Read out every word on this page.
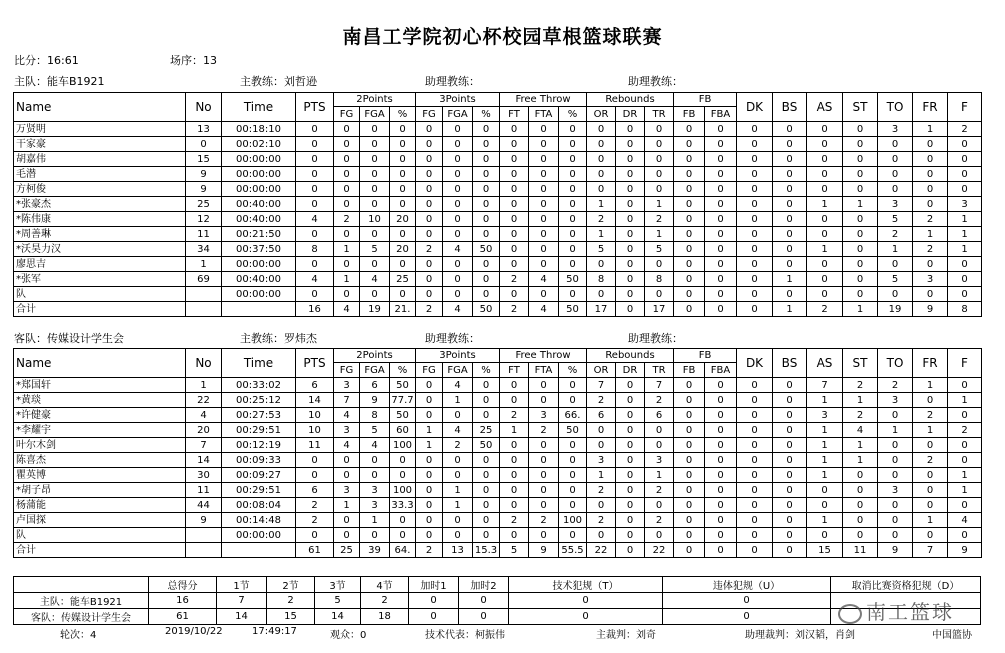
南昌工学院初心杯校园草根篮球联赛
比分：16:61	场序：13
主队：能车B1921	主教练：刘哲逊	助理教练：	助理教练：
Name	No	Time	PTS	2Points			3Points			Free Throw			Rebounds			FB		DK	BS	AS	ST	TO	FR	F
				FG	FGA	%	FG	FGA	%	FT	FTA	%	OR	DR	TR	FB	FBA							
万贤明	13	00:18:10	0	0	0	0	0	0	0	0	0	0	0	0	0	0	0	0	0	0	0	3	1	2
干家豪	0	00:02:10	0	0	0	0	0	0	0	0	0	0	0	0	0	0	0	0	0	0	0	0	0	0
胡嘉伟	15	00:00:00	0	0	0	0	0	0	0	0	0	0	0	0	0	0	0	0	0	0	0	0	0	0
毛潜	9	00:00:00	0	0	0	0	0	0	0	0	0	0	0	0	0	0	0	0	0	0	0	0	0	0
方柯俊	9	00:00:00	0	0	0	0	0	0	0	0	0	0	0	0	0	0	0	0	0	0	0	0	0	0
*张豪杰	25	00:40:00	0	0	0	0	0	0	0	0	0	0	1	0	1	0	0	0	0	1	1	3	0	3
*陈伟康	12	00:40:00	4	2	10	20	0	0	0	0	0	0	2	0	2	0	0	0	0	0	0	5	2	1
*周善琳	11	00:21:50	0	0	0	0	0	0	0	0	0	0	1	0	1	0	0	0	0	0	0	2	1	1
*沃昊力汉	34	00:37:50	8	1	5	20	2	4	50	0	0	0	5	0	5	0	0	0	0	1	0	1	2	1
廖思吉	1	00:00:00	0	0	0	0	0	0	0	0	0	0	0	0	0	0	0	0	0	0	0	0	0	0
*张军	69	00:40:00	4	1	4	25	0	0	0	2	4	50	8	0	8	0	0	0	1	0	0	5	3	0
队		00:00:00	0	0	0	0	0	0	0	0	0	0	0	0	0	0	0	0	0	0	0	0	0	0
合计			16	4	19	21.	2	4	50	2	4	50	17	0	17	0	0	0	1	2	1	19	9	8
客队：传媒设计学生会	主教练：罗炜杰	助理教练：	助理教练：
Name	No	Time	PTS	2Points			3Points			Free Throw			Rebounds			FB		DK	BS	AS	ST	TO	FR	F
				FG	FGA	%	FG	FGA	%	FT	FTA	%	OR	DR	TR	FB	FBA							
*郑国轩	1	00:33:02	6	3	6	50	0	4	0	0	0	0	7	0	7	0	0	0	0	7	2	2	1	0
*黄琰	22	00:25:12	14	7	9	77.7	0	1	0	0	0	0	2	0	2	0	0	0	0	1	1	3	0	1
*许健豪	4	00:27:53	10	4	8	50	0	0	0	2	3	66.	6	0	6	0	0	0	0	3	2	0	2	0
*李耀宇	20	00:29:51	10	3	5	60	1	4	25	1	2	50	0	0	0	0	0	0	0	1	4	1	1	2
叶尔木剑	7	00:12:19	11	4	4	100	1	2	50	0	0	0	0	0	0	0	0	0	0	1	1	0	0	0
陈喜杰	14	00:09:33	0	0	0	0	0	0	0	0	0	0	3	0	3	0	0	0	0	1	1	0	2	0
瞿英博	30	00:09:27	0	0	0	0	0	0	0	0	0	0	1	0	1	0	0	0	0	1	0	0	0	1
*胡子昂	11	00:29:51	6	3	3	100	0	1	0	0	0	0	2	0	2	0	0	0	0	0	0	3	0	1
杨蒲能	44	00:08:04	2	1	3	33.3	0	1	0	0	0	0	0	0	0	0	0	0	0	0	0	0	0	0
卢国探	9	00:14:48	2	0	1	0	0	0	0	2	2	100	2	0	2	0	0	0	0	1	0	0	1	4
队		00:00:00	0	0	0	0	0	0	0	0	0	0	0	0	0	0	0	0	0	0	0	0	0	0
合计			61	25	39	64.	2	13	15.3	5	9	55.5	22	0	22	0	0	0	0	15	11	9	7	9
	总得分	1节	2节	3节	4节	加时1	加时2	技术犯规（T）	违体犯规（U）	取消比赛资格犯规（D）
主队：能车B1921	16	7	2	5	2	0	0	0	0	
客队：传媒设计学生会	61	14	15	14	18	0	0	0	0		南工篮球
轮次：4	2019/10/22	17:49:17	观众：0	技术代表：柯振伟	主裁判：刘奇	助理裁判：刘汉韬，肖剑	中国篮协
